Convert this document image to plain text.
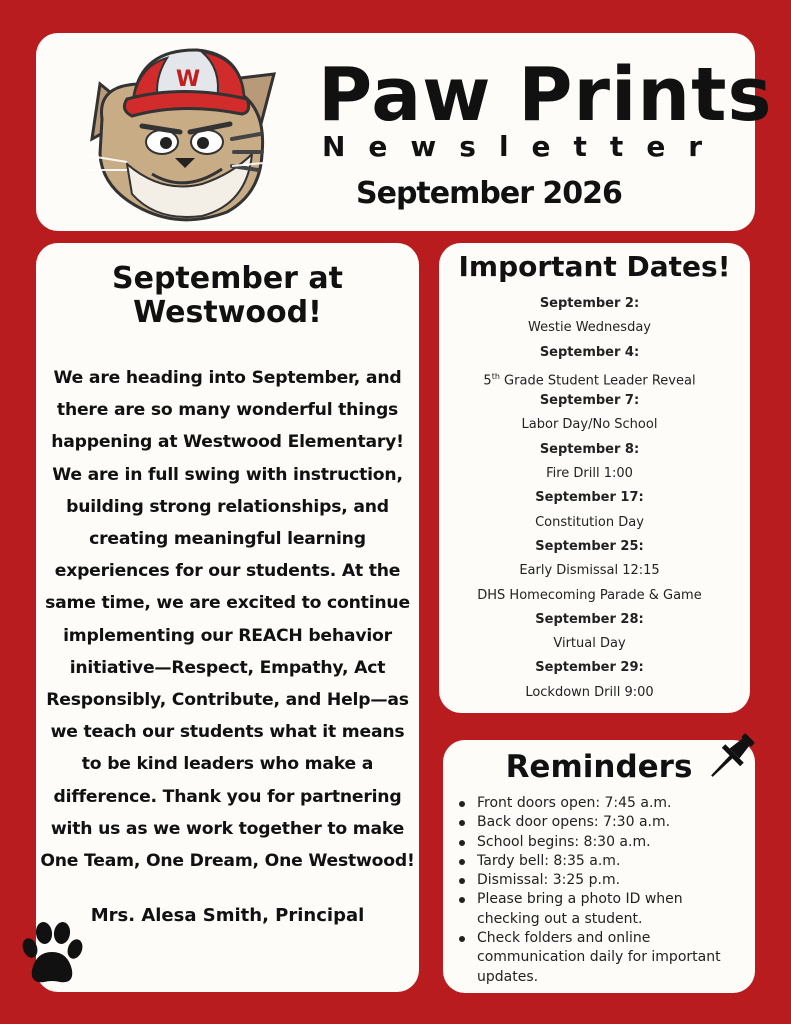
W Paw Prints
Newsletter
September 2026
September at Westwood!
We are heading into September, and there are so many wonderful things happening at Westwood Elementary! We are in full swing with instruction, building strong relationships, and creating meaningful learning experiences for our students. At the same time, we are excited to continue implementing our REACH behavior initiative—Respect, Empathy, Act Responsibly, Contribute, and Help—as we teach our students what it means to be kind leaders who make a difference. Thank you for partnering with us as we work together to make One Team, One Dream, One Westwood!
Mrs. Alesa Smith, Principal
Important Dates!
September 2:
Westie Wednesday
September 4:
5th Grade Student Leader Reveal
September 7:
Labor Day/No School
September 8:
Fire Drill 1:00
September 17:
Constitution Day
September 25:
Early Dismissal 12:15
DHS Homecoming Parade & Game
September 28:
Virtual Day
September 29:
Lockdown Drill 9:00
Reminders
Front doors open: 7:45 a.m.
Back door opens: 7:30 a.m.
School begins: 8:30 a.m.
Tardy bell: 8:35 a.m.
Dismissal: 3:25 p.m.
Please bring a photo ID when checking out a student.
Check folders and online communication daily for important updates.
